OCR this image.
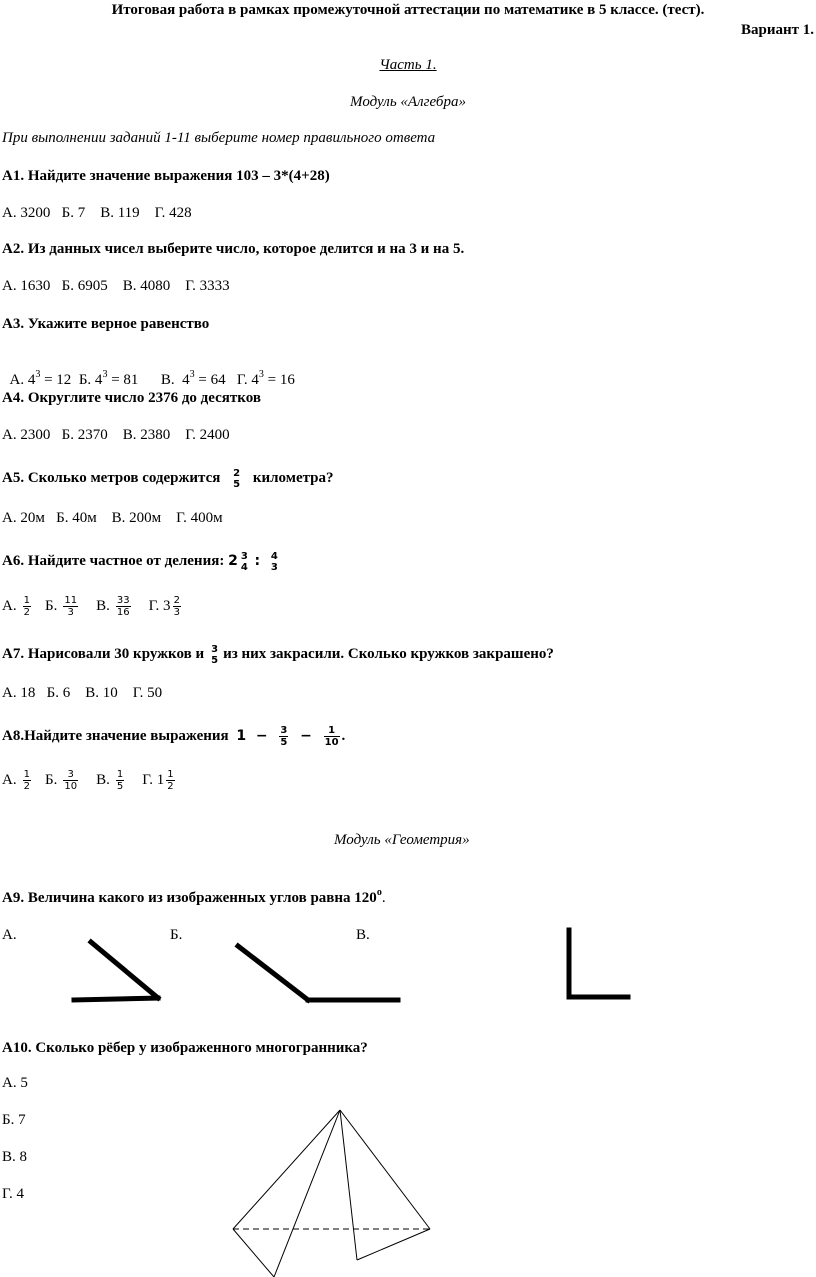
Итоговая работа в рамках промежуточной аттестации по математике в 5 классе. (тест).
Вариант 1.
Часть 1.
Модуль «Алгебра»
При выполнении заданий 1-11 выберите номер правильного ответа
А1. Найдите значение выражения 103 – 3*(4+28)
А. 3200   Б. 7    В. 119    Г. 428
А2. Из данных чисел выберите число, которое делится и на 3 и на 5.
А. 1630   Б. 6905    В. 4080    Г. 3333
А3. Укажите верное равенство

А. $4^3 = 12$  Б. $4^3 = 81$      В.  $4^3 = 64$   Г. $4^3 = 16$

А4. Округлите число 2376 до десятков
А. 2300   Б. 2370    В. 2380    Г. 2400
А5. Сколько метров содержится 2
5 километра?
А. 20м   Б. 40м    В. 200м    Г. 400м
А6. Найдите частное от деления: 2 3
4 : 4
3
А. $\frac{1}{2} Б$. $\frac{11}{3} В$. $\frac{33}{16} Г$. $3 \frac{2}{3}$
А7. Нарисовали 30 кружков и 3
5 из них закрасили. Сколько кружков закрашено?
А. 18   Б. 6    В. 10    Г. 50
А8.Найдите значение выражения $1 - \frac{3}{5} - \frac{1}{10}$ .
А. $\frac{1}{2} Б$. $\frac{3}{10} В$. $\frac{1}{5} Г$. $1 \frac{1}{2}$
Модуль «Геометрия»
А9. Величина какого из изображенных углов равна $120^о$.
А.	Б.	В.
А10. Сколько рёбер у изображенного многогранника?
А. 5
Б. 7
В. 8
Г. 4
